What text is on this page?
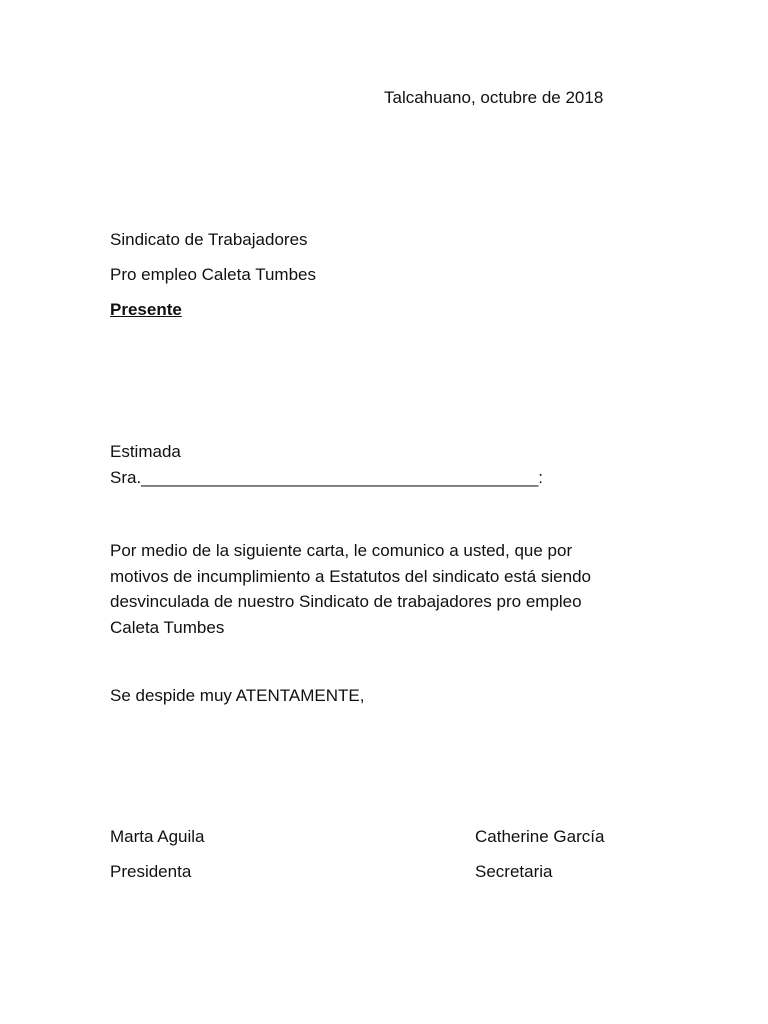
Talcahuano, octubre de 2018
Sindicato de Trabajadores
Pro empleo Caleta Tumbes
Presente
Estimada
Sra.__________________________________________:
Por medio de la siguiente carta, le comunico a usted, que por
motivos de incumplimiento a Estatutos del sindicato está siendo
desvinculada de nuestro Sindicato de trabajadores pro empleo
Caleta Tumbes
Se despide muy ATENTAMENTE,
Marta Aguila
Presidenta
Catherine García
Secretaria
